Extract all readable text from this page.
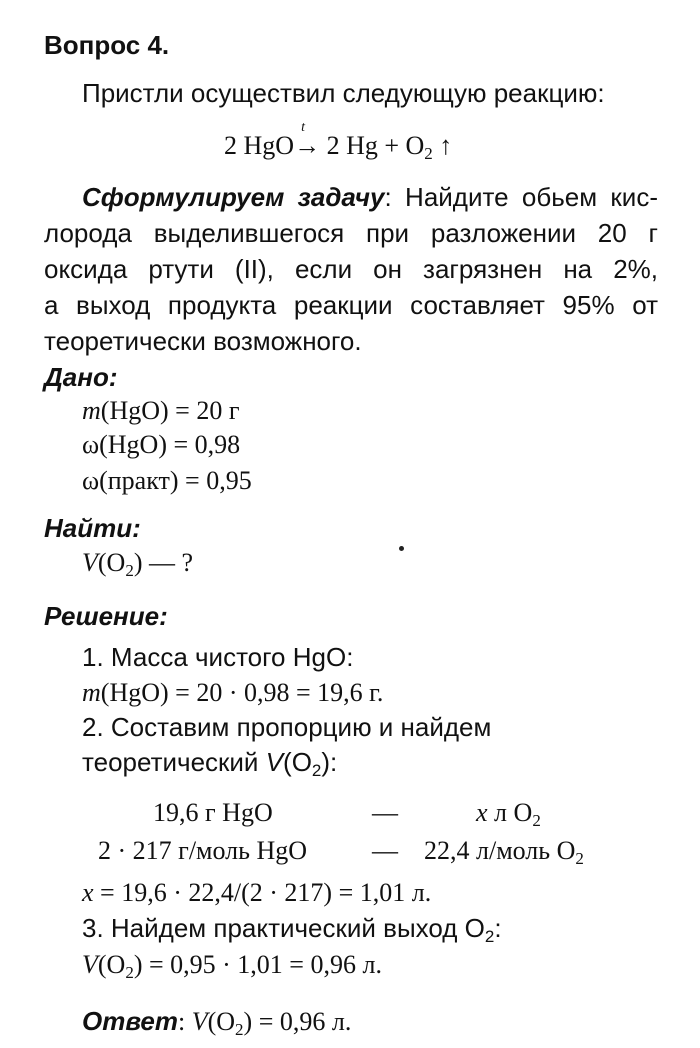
Вопрос 4.
Пристли осуществил следующую реакцию:
2 HgO
t
→ 2 $Hg + O_2$ ↑
Сформулируем задачу: Найдите обьем кис-
лорода выделившегося при разложении 20 г
оксида ртути (II), если он загрязнен на 2%,
а выход продукта реакции составляет 95% от
теоретически возможного.
Дано:
m(HgO) = 20 г
ω(HgO) = 0,98
ω(практ) = 0,95
Найти:
$V(O_2)$ — ?
Решение:
1. Масса чистого HgO:
m(HgO) = 20 · 0,98 = 19,6 г.
2. Составим пропорцию и найдем
теоретический $V(O_2)$:
19,6 г HgO	—	x л $O_2$
2 · 217 г/моль HgO — 22,4 л/моль $O_2$
x = 19,6 · 22,4/(2 · 217) = 1,01 л.
3. Найдем практический выход $O_2$:
$V(O_2) = 0,95 \cdot 1,01 = 0,96$ л.
Ответ: $V(O_2) = 0,96$ л.
